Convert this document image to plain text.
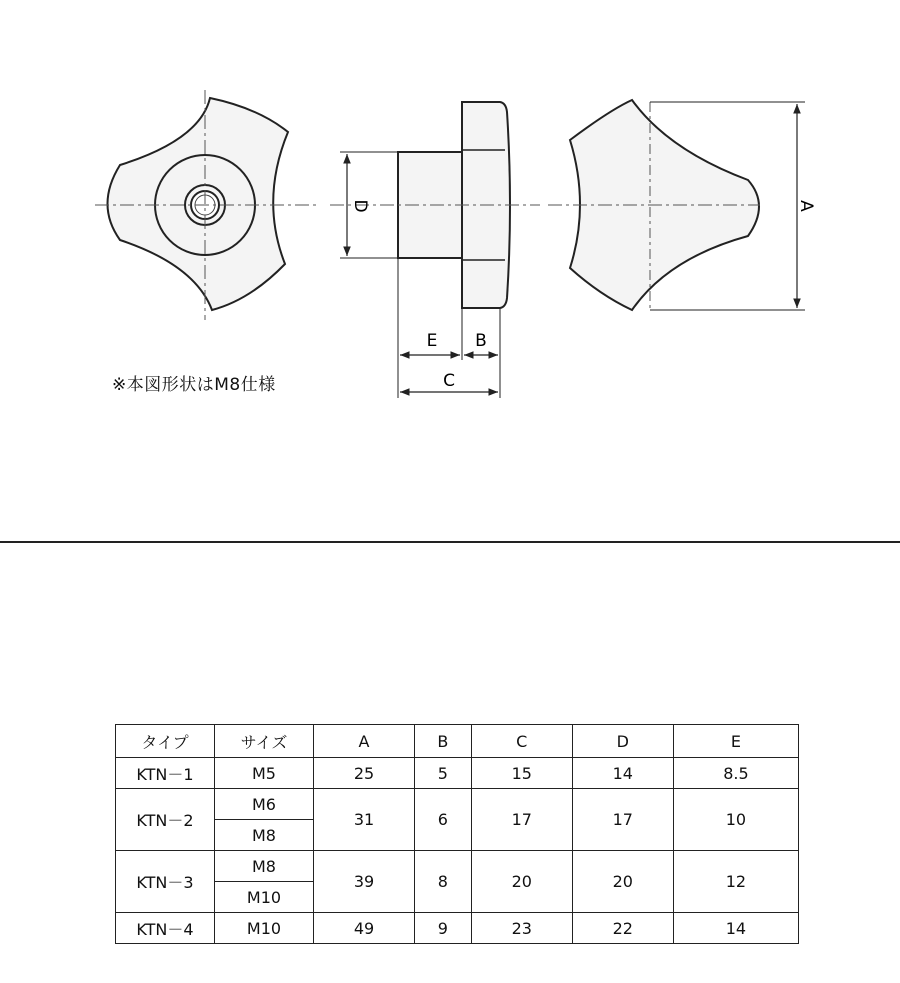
D	A
E B
C
※本図形状はM8仕様
タイプ	サイズ	A	B	C	D	E
KTN－1	M5	25	5	15	14	8.5
KTN－2	M6	31	6	17	17	10
	M8					
KTN－3	M8	39	8	20	20	12
	M10					
KTN－4	M10	49	9	23	22	14
